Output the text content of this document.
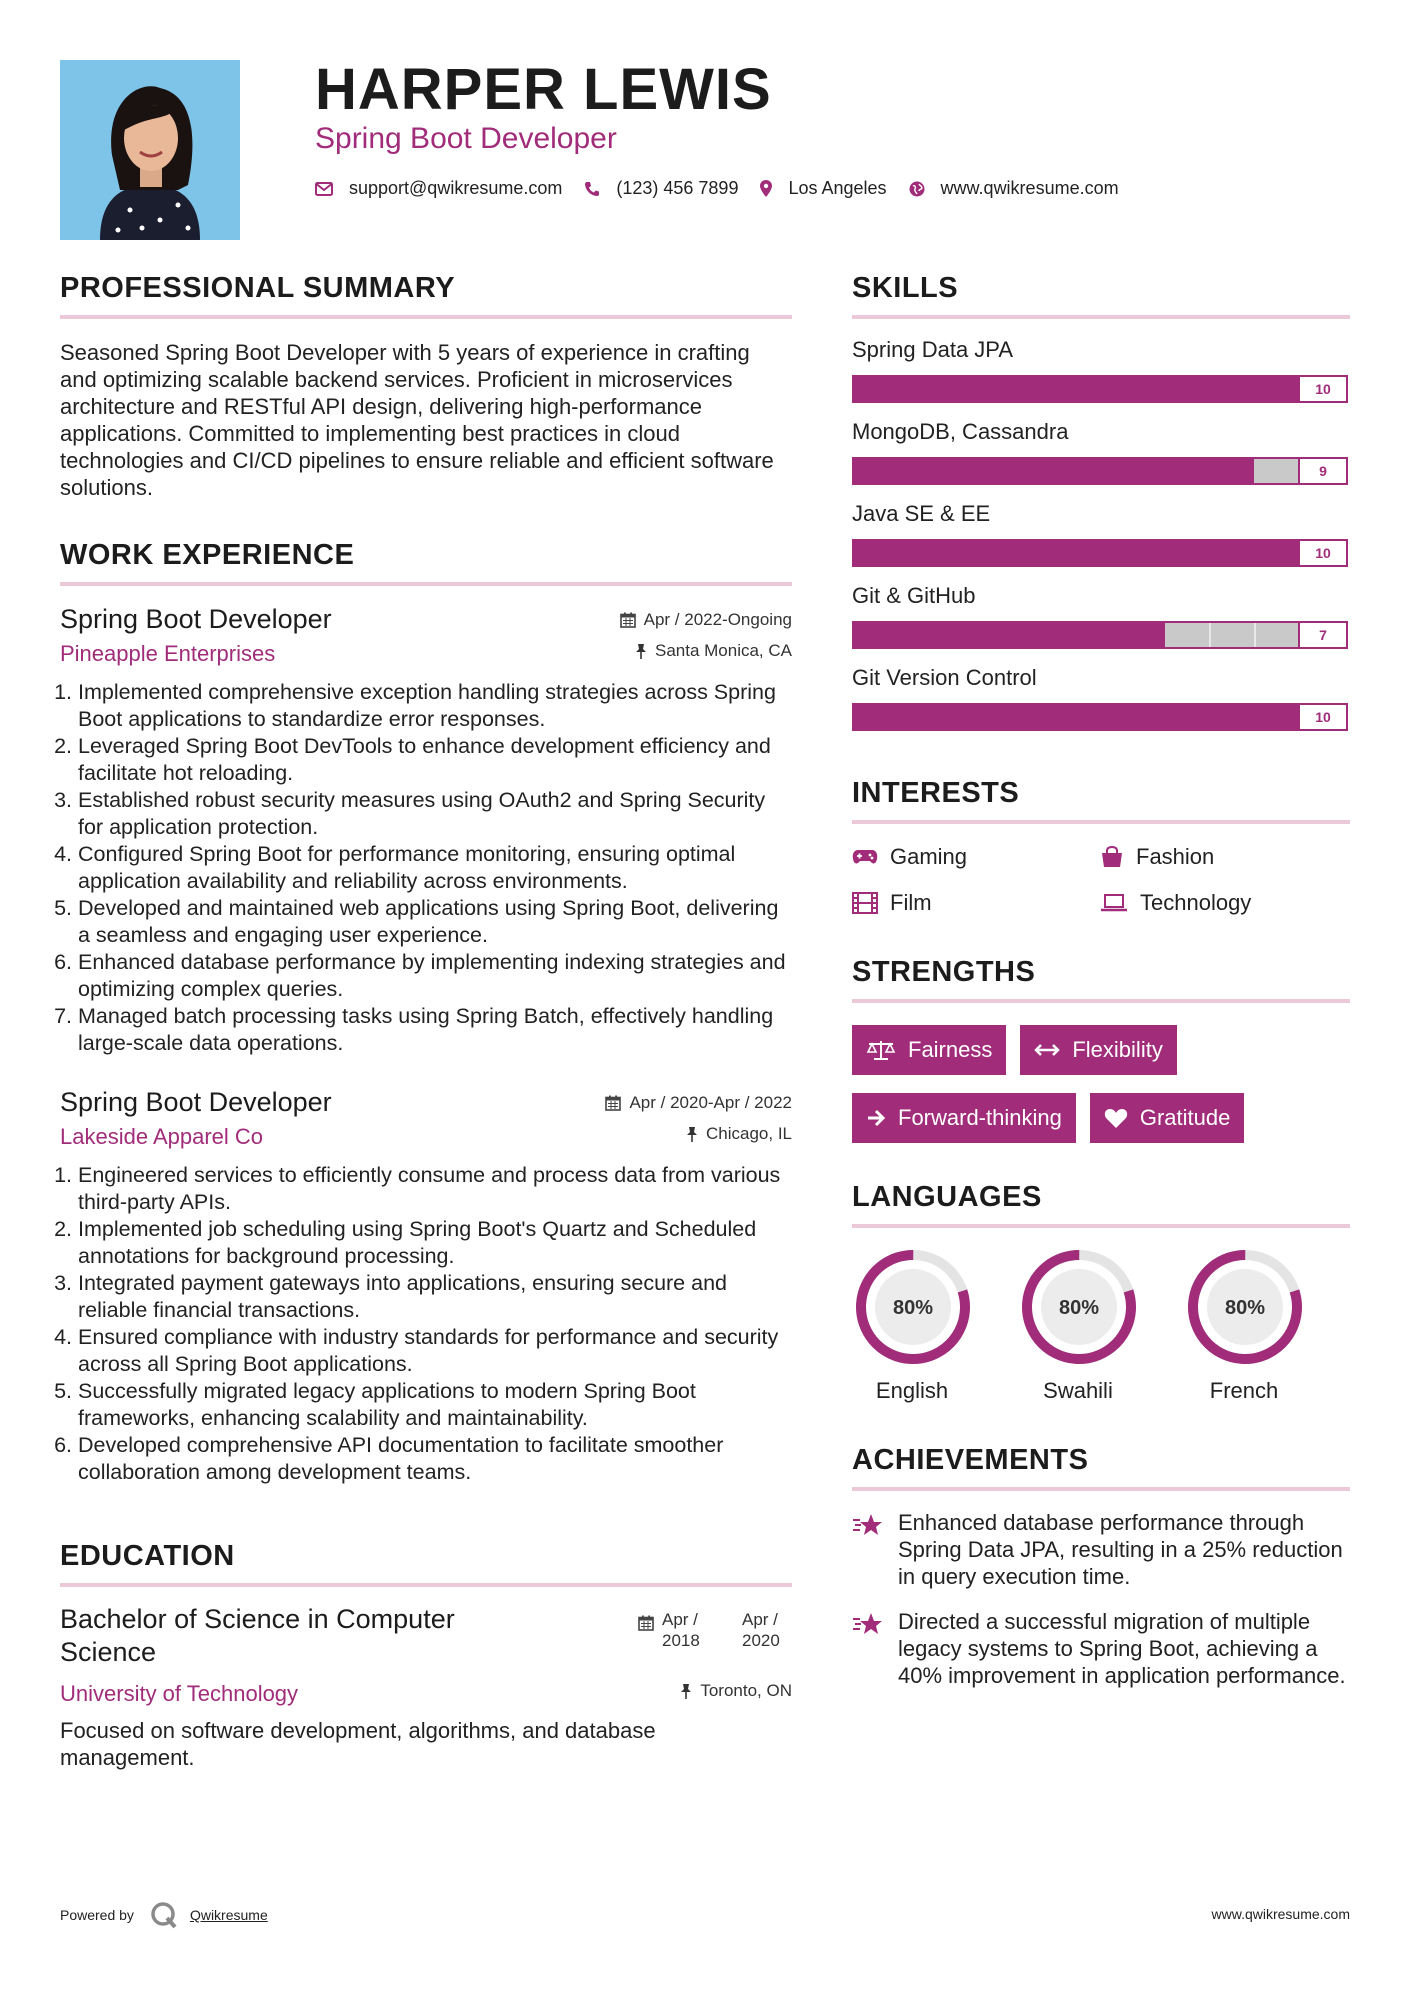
HARPER LEWIS
Spring Boot Developer
support@qwikresume.com	(123) 456 7899	Los Angeles	www.qwikresume.com
PROFESSIONAL SUMMARY

Seasoned Spring Boot Developer with 5 years of experience in crafting and optimizing scalable backend services. Proficient in microservices architecture and RESTful API design, delivering high-performance applications. Committed to implementing best practices in cloud technologies and CI/CD pipelines to ensure reliable and efficient software solutions.

WORK EXPERIENCE
Spring Boot Developer	Apr / 2022-Ongoing
Pineapple Enterprises	Santa Monica, CA
1. Implemented comprehensive exception handling strategies across Spring Boot applications to standardize error responses.
2. Leveraged Spring Boot DevTools to enhance development efficiency and facilitate hot reloading.
3. Established robust security measures using OAuth2 and Spring Security for application protection.
4. Configured Spring Boot for performance monitoring, ensuring optimal application availability and reliability across environments.
5. Developed and maintained web applications using Spring Boot, delivering a seamless and engaging user experience.
6. Enhanced database performance by implementing indexing strategies and optimizing complex queries.
7. Managed batch processing tasks using Spring Batch, effectively handling large-scale data operations.
Spring Boot Developer	Apr / 2020-Apr / 2022
Lakeside Apparel Co	Chicago, IL
1. Engineered services to efficiently consume and process data from various third-party APIs.
2. Implemented job scheduling using Spring Boot's Quartz and Scheduled annotations for background processing.
3. Integrated payment gateways into applications, ensuring secure and reliable financial transactions.
4. Ensured compliance with industry standards for performance and security across all Spring Boot applications.
5. Successfully migrated legacy applications to modern Spring Boot frameworks, enhancing scalability and maintainability.
6. Developed comprehensive API documentation to facilitate smoother collaboration among development teams.
EDUCATION
Bachelor of Science in Computer Science
Apr / 2018
Apr / 2020
University of Technology	Toronto, ON

Focused on software development, algorithms, and database management.

SKILLS
Spring Data JPA
10
MongoDB, Cassandra
9
Java SE & EE
10
Git & GitHub
7
Git Version Control
10
INTERESTS
Gaming	Fashion
Film	Technology
STRENGTHS
Fairness	Flexibility
Forward-thinking	Gratitude
LANGUAGES
80%
English
80%
Swahili
80%
French
ACHIEVEMENTS
Enhanced database performance through Spring Data JPA, resulting in a 25% reduction in query execution time.
Directed a successful migration of multiple legacy systems to Spring Boot, achieving a 40% improvement in application performance.
Powered by	Qwikresume	www.qwikresume.com
